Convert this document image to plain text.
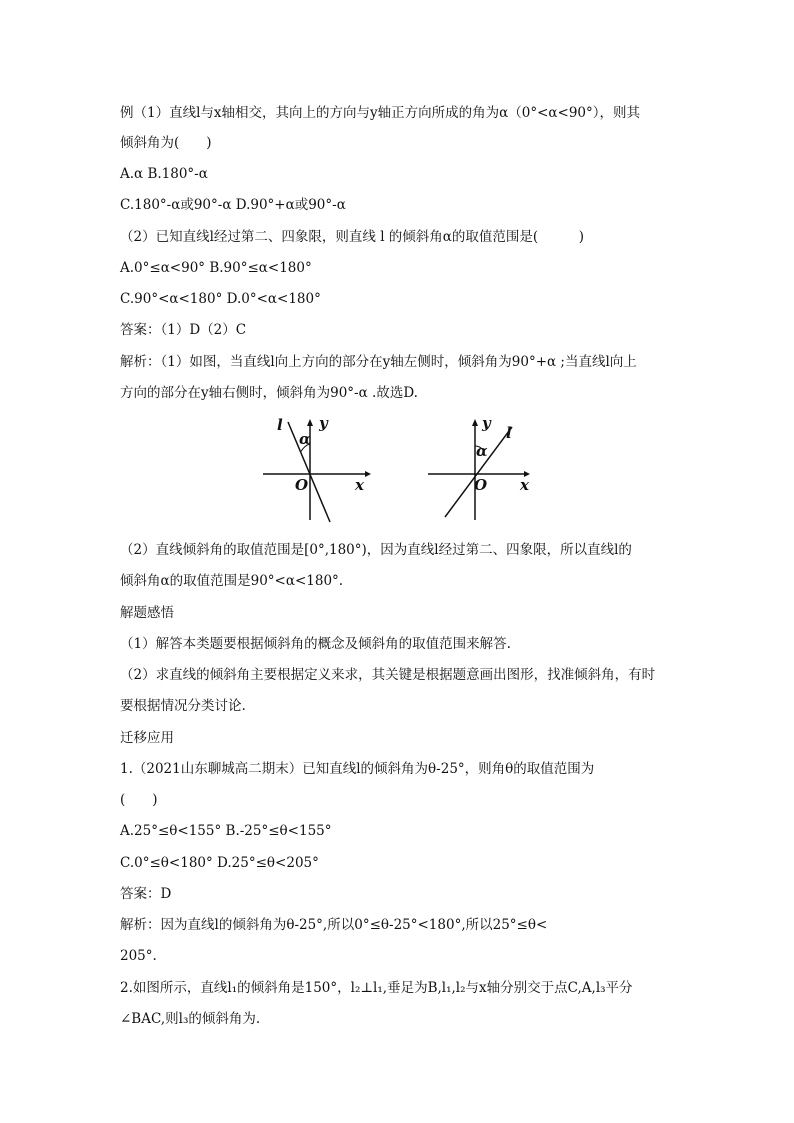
例（1）直线l与x轴相交，其向上的方向与y轴正方向所成的角为α（0°<α<90°），则其
倾斜角为(　　)
A.α B.180°-α
C.180°-α或90°-α D.90°+α或90°-α
（2）已知直线l经过第二、四象限，则直线 l 的倾斜角α的取值范围是(　　　)
A.0°≤α<90° B.90°≤α<180°
C.90°<α<180° D.0°<α<180°
答案：（1）D（2）C
解析：（1）如图，当直线l向上方向的部分在y轴左侧时，倾斜角为90°+α ;当直线l向上
方向的部分在y轴右侧时，倾斜角为90°-α .故选D.
l y
x
O
α	l
y
x
O
α
（2）直线倾斜角的取值范围是[0°,180°)，因为直线l经过第二、四象限，所以直线l的
倾斜角α的取值范围是90°<α<180°.
解题感悟
（1）解答本类题要根据倾斜角的概念及倾斜角的取值范围来解答.
（2）求直线的倾斜角主要根据定义来求，其关键是根据题意画出图形，找准倾斜角，有时
要根据情况分类讨论.
迁移应用
1.（2021山东聊城高二期末）已知直线l的倾斜角为θ-25°，则角θ的取值范围为
(　　)
A.25°≤θ<155° B.-25°≤θ<155°
C.0°≤θ<180° D.25°≤θ<205°
答案：D
解析：因为直线l的倾斜角为θ-25°,所以0°≤θ-25°<180°,所以25°≤θ<
205°.
2.如图所示，直线l₁的倾斜角是150°，l₂⊥l₁,垂足为B,l₁,l₂与x轴分别交于点C,A,l₃平分
∠BAC,则l₃的倾斜角为.
